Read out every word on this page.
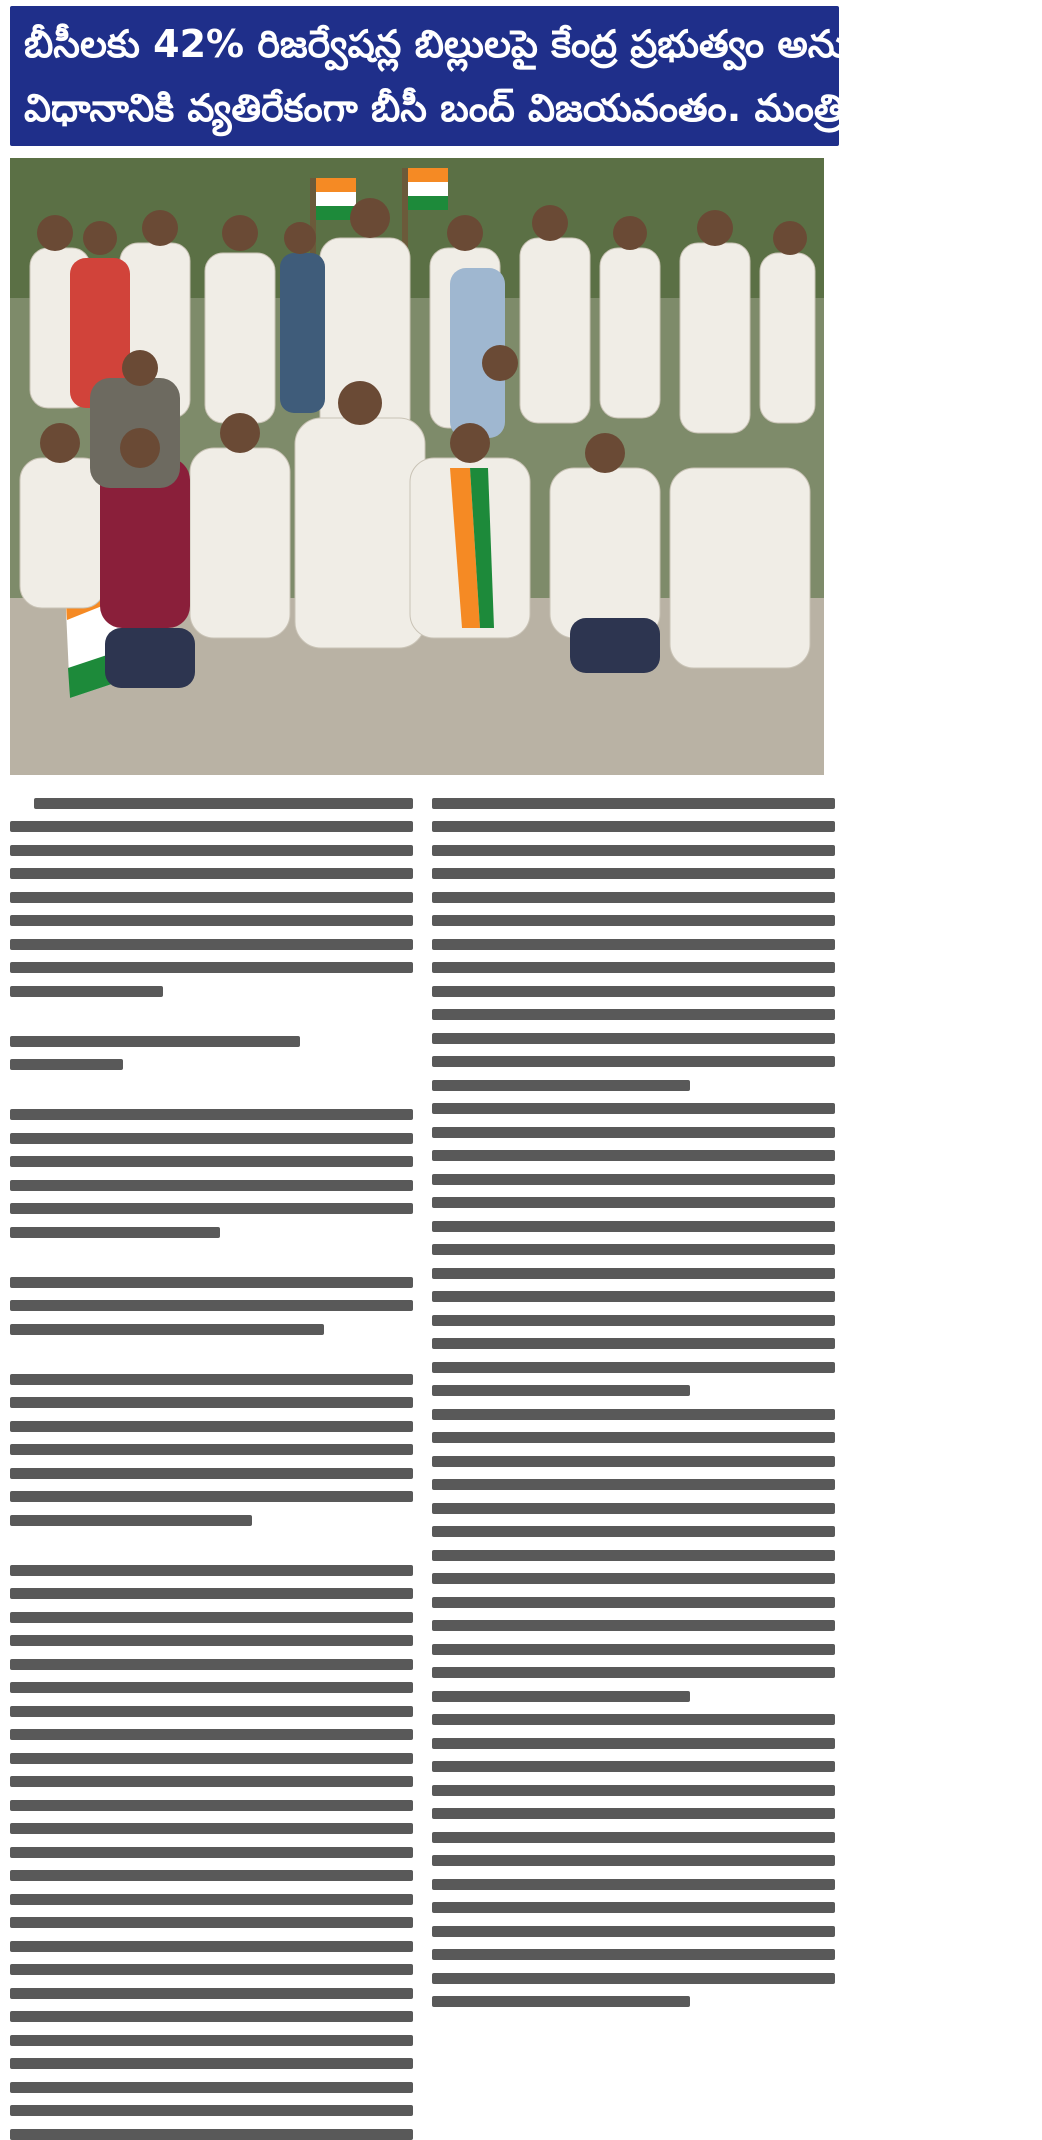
బీసీలకు 42% రిజర్వేషన్ల బిల్లులపై కేంద్ర ప్రభుత్వం అనుసరిస్తున్న
విధానానికి వ్యతిరేకంగా బీసీ బంద్ విజయవంతం. మంత్రి వాకిటి శ్రీహరి
